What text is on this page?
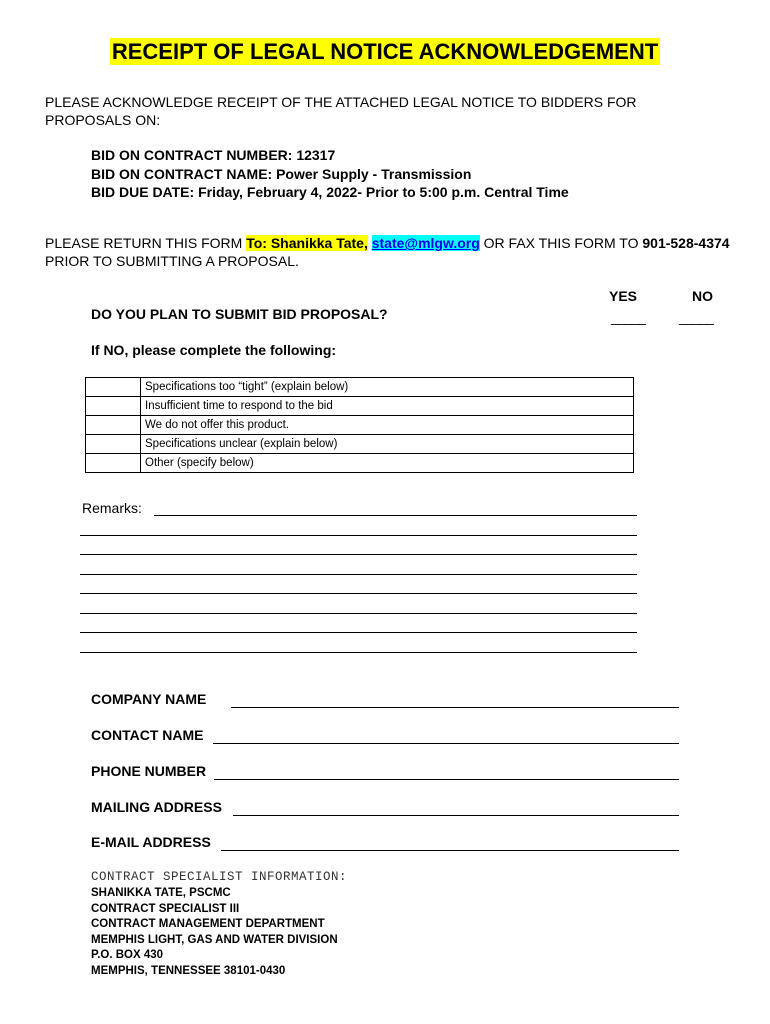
RECEIPT OF LEGAL NOTICE ACKNOWLEDGEMENT
PLEASE ACKNOWLEDGE RECEIPT OF THE ATTACHED LEGAL NOTICE TO BIDDERS FOR PROPOSALS ON:
BID ON CONTRACT NUMBER: 12317
BID ON CONTRACT NAME: Power Supply - Transmission
BID DUE DATE: Friday, February 4, 2022- Prior to 5:00 p.m. Central Time
PLEASE RETURN THIS FORM To: Shanikka Tate, state@mlgw.org OR FAX THIS FORM TO 901-528-4374 PRIOR TO SUBMITTING A PROPOSAL.
YES	NO
DO YOU PLAN TO SUBMIT BID PROPOSAL?	_____ _____
If NO, please complete the following:
	Specifications too “tight” (explain below)
	Insufficient time to respond to the bid
	We do not offer this product.
	Specifications unclear (explain below)
	Other (specify below)
Remarks:
COMPANY NAME
CONTACT NAME
PHONE NUMBER
MAILING ADDRESS
E-MAIL ADDRESS
CONTRACT SPECIALIST INFORMATION:
SHANIKKA TATE, PSCMC
CONTRACT SPECIALIST III
CONTRACT MANAGEMENT DEPARTMENT
MEMPHIS LIGHT, GAS AND WATER DIVISION
P.O. BOX 430
MEMPHIS, TENNESSEE 38101-0430
